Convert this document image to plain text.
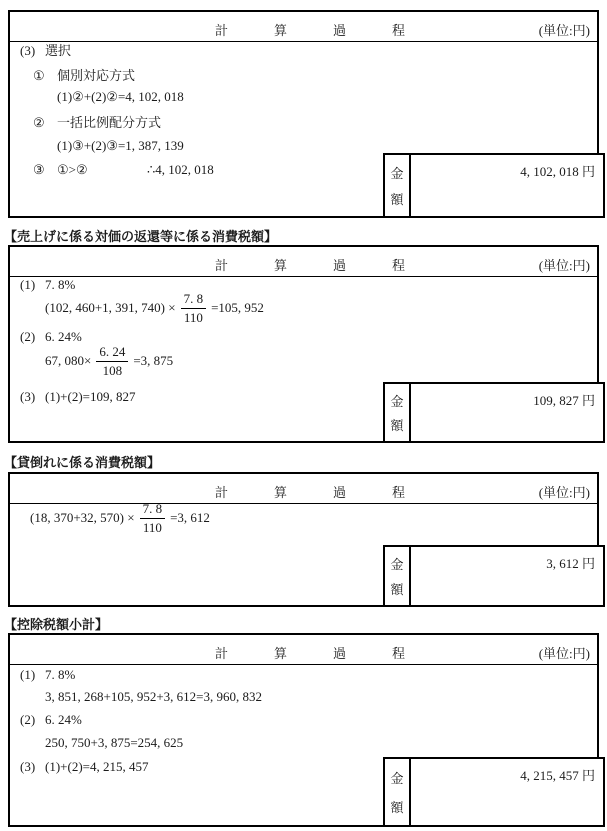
計算過程	(単位:円)
(3) 選択
① 個別対応方式
(1)②+(2)②=4, 102, 018
② 一括比例配分方式
(1)③+(2)③=1, 387, 139
③ ①>②	∴4, 102, 018	金
額
4, 102, 018 円
【売上げに係る対価の返還等に係る消費税額】
計算過程	(単位:円)
(1) 7. 8%
(102, 460+1, 391, $740) \times \frac{7. 8}{110} =105$, 952
(2) 6. 24%
67, $080\times \frac{6. 24}{108} =3$, 875
(3) (1)+(2)=109, 827	金
額
109, 827 円
【貸倒れに係る消費税額】
計算過程	(単位:円)
(18, 370+32, $570) \times \frac{7. 8}{110} =3$, 612
金
額
3, 612 円
【控除税額小計】
計算過程	(単位:円)
(1) 7. 8%
3, 851, 268+105, 952+3, 612=3, 960, 832
(2) 6. 24%
250, 750+3, 875=254, 625
(3) (1)+(2)=4, 215, 457
金
額
4, 215, 457 円
